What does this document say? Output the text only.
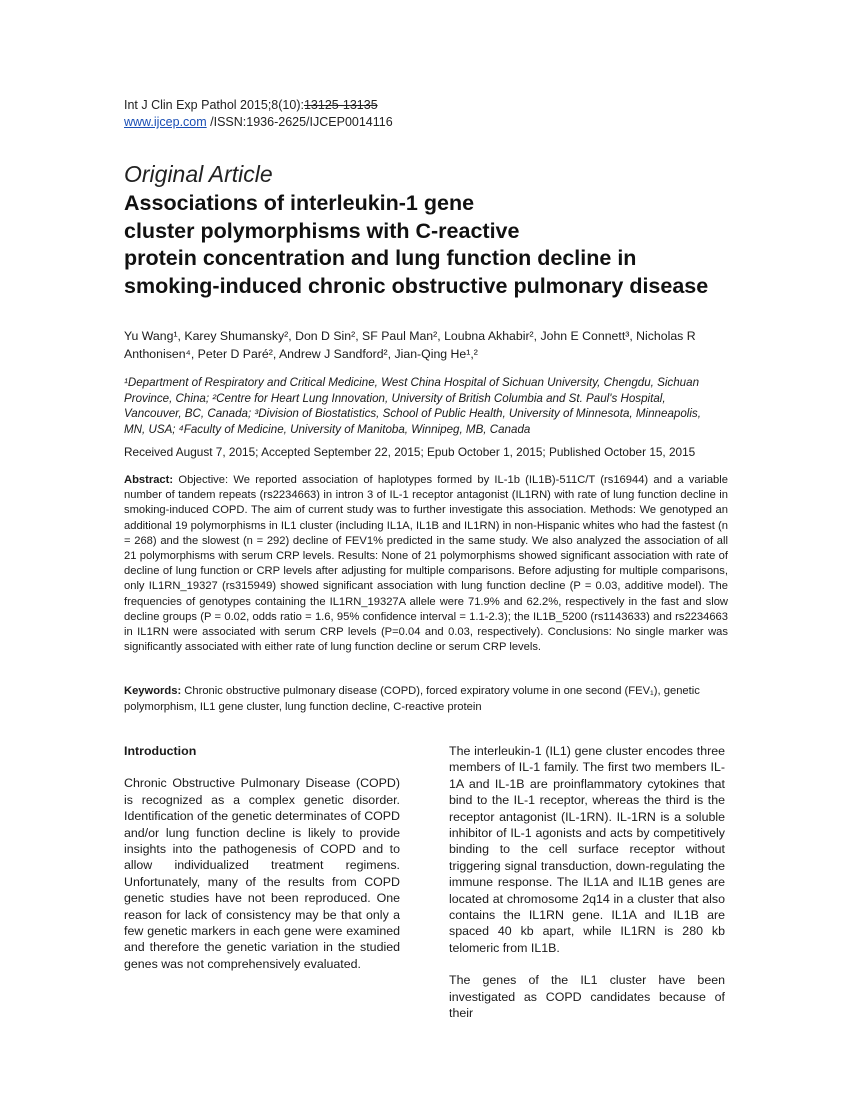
Int J Clin Exp Pathol 2015;8(10):13125-13135
www.ijcep.com /ISSN:1936-2625/IJCEP0014116
Original Article
Associations of interleukin-1 gene
cluster polymorphisms with C-reactive
protein concentration and lung function decline in
smoking-induced chronic obstructive pulmonary disease
Yu Wang¹, Karey Shumansky², Don D Sin², SF Paul Man², Loubna Akhabir², John E Connett³, Nicholas R
Anthonisen⁴, Peter D Paré², Andrew J Sandford², Jian-Qing He¹,²
¹Department of Respiratory and Critical Medicine, West China Hospital of Sichuan University, Chengdu, Sichuan
Province, China; ²Centre for Heart Lung Innovation, University of British Columbia and St. Paul's Hospital,
Vancouver, BC, Canada; ³Division of Biostatistics, School of Public Health, University of Minnesota, Minneapolis,
MN, USA; ⁴Faculty of Medicine, University of Manitoba, Winnipeg, MB, Canada
Received August 7, 2015; Accepted September 22, 2015; Epub October 1, 2015; Published October 15, 2015
Abstract: Objective: We reported association of haplotypes formed by IL-1b (IL1B)-511C/T (rs16944) and a variable number of tandem repeats (rs2234663) in intron 3 of IL-1 receptor antagonist (IL1RN) with rate of lung function decline in smoking-induced COPD. The aim of current study was to further investigate this association. Methods: We genotyped an additional 19 polymorphisms in IL1 cluster (including IL1A, IL1B and IL1RN) in non-Hispanic whites who had the fastest (n = 268) and the slowest (n = 292) decline of FEV1% predicted in the same study. We also analyzed the association of all 21 polymorphisms with serum CRP levels. Results: None of 21 polymorphisms showed significant association with rate of decline of lung function or CRP levels after adjusting for multiple comparisons. Before adjusting for multiple comparisons, only IL1RN_19327 (rs315949) showed significant association with lung function decline (P = 0.03, additive model). The frequencies of genotypes containing the IL1RN_19327A allele were 71.9% and 62.2%, respectively in the fast and slow decline groups (P = 0.02, odds ratio = 1.6, 95% confidence interval = 1.1-2.3); the IL1B_5200 (rs1143633) and rs2234663 in IL1RN were associated with serum CRP levels (P=0.04 and 0.03, respectively). Conclusions: No single marker was significantly associated with either rate of lung function decline or serum CRP levels.
Keywords: Chronic obstructive pulmonary disease (COPD), forced expiratory volume in one second (FEV₁), genetic polymorphism, IL1 gene cluster, lung function decline, C-reactive protein
Introduction

Chronic Obstructive Pulmonary Disease (COPD) is recognized as a complex genetic disorder. Identification of the genetic determinates of COPD and/or lung function decline is likely to provide insights into the pathogenesis of COPD and to allow individualized treatment regimens. Unfortunately, many of the results from COPD genetic studies have not been reproduced. One reason for lack of consistency may be that only a few genetic markers in each gene were examined and therefore the genetic variation in the studied genes was not comprehensively evaluated.

The interleukin-1 (IL1) gene cluster encodes three members of IL-1 family. The first two members IL-1A and IL-1B are proinflammatory cytokines that bind to the IL-1 receptor, whereas the third is the receptor antagonist (IL-1RN). IL-1RN is a soluble inhibitor of IL-1 agonists and acts by competitively binding to the cell surface receptor without triggering signal transduction, down-regulating the immune response. The IL1A and IL1B genes are located at chromosome 2q14 in a cluster that also contains the IL1RN gene. IL1A and IL1B are spaced 40 kb apart, while IL1RN is 280 kb telomeric from IL1B.

The genes of the IL1 cluster have been investigated as COPD candidates because of their
